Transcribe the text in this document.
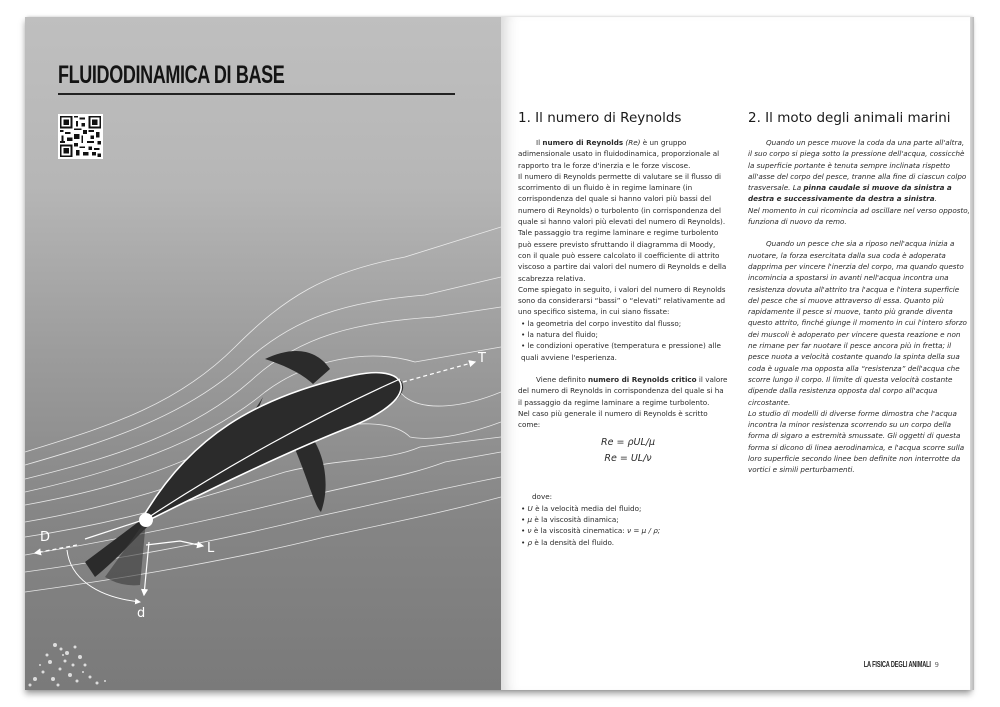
FLUIDODINAMICA DI BASE
T
D
L
d
1. Il numero di Reynolds

Il numero di Reynolds (Re) è un gruppo adimensionale usato in fluidodinamica, proporzionale al rapporto tra le forze d'inerzia e le forze viscose.

Il numero di Reynolds permette di valutare se il flusso di scorrimento di un fluido è in regime laminare (in corrispondenza del quale si hanno valori più bassi del numero di Reynolds) o turbolento (in corrispondenza del quale si hanno valori più elevati del numero di Reynolds).

Tale passaggio tra regime laminare e regime turbolento può essere previsto sfruttando il diagramma di Moody, con il quale può essere calcolato il coefficiente di attrito viscoso a partire dai valori del numero di Reynolds e della scabrezza relativa.

Come spiegato in seguito, i valori del numero di Reynolds sono da considerarsi “bassi” o “elevati” relativamente ad uno specifico sistema, in cui siano fissate:

• la geometria del corpo investito dal flusso;
• la natura del fluido;
• le condizioni operative (temperatura e pressione) alle quali avviene l'esperienza.

Viene definito numero di Reynolds critico il valore del numero di Reynolds in corrispondenza del quale si ha il passaggio da regime laminare a regime turbolento.

Nel caso più generale il numero di Reynolds è scritto come:

Re = ρUL/μ
Re = UL/ν
dove:
• U è la velocità media del fluido;
• μ è la viscosità dinamica;
• ν è la viscosità cinematica: ν = μ / ρ;
• ρ è la densità del fluido.
2. Il moto degli animali marini

Quando un pesce muove la coda da una parte all'altra, il suo corpo si piega sotto la pressione dell'acqua, cossicchè la superficie portante è tenuta sempre inclinata rispetto all'asse del corpo del pesce, tranne alla fine di ciascun colpo trasversale. La pinna caudale si muove da sinistra a destra e successivamente da destra a sinistra.

Nel momento in cui ricomincia ad oscillare nel verso opposto, funziona di nuovo da remo.

Quando un pesce che sia a riposo nell'acqua inizia a nuotare, la forza esercitata dalla sua coda è adoperata dapprima per vincere l'inerzia del corpo, ma quando questo incomincia a spostarsi in avanti nell'acqua incontra una resistenza dovuta all'attrito tra l'acqua e l'intera superficie del pesce che si muove attraverso di essa. Quanto più rapidamente il pesce si muove, tanto più grande diventa questo attrito, finché giunge il momento in cui l'intero sforzo dei muscoli è adoperato per vincere questa reazione e non ne rimane per far nuotare il pesce ancora più in fretta; il pesce nuota a velocità costante quando la spinta della sua coda è uguale ma opposta alla “resistenza” dell'acqua che scorre lungo il corpo. Il limite di questa velocità costante dipende dalla resistenza opposta dal corpo all'acqua circostante.

Lo studio di modelli di diverse forme dimostra che l'acqua incontra la minor resistenza scorrendo su un corpo della forma di sigaro a estremità smussate. Gli oggetti di questa forma si dicono di linea aerodinamica, e l'acqua scorre sulla loro superficie secondo linee ben definite non interrotte da vortici e simili perturbamenti.

LA FISICA DEGLI ANIMALI 9
